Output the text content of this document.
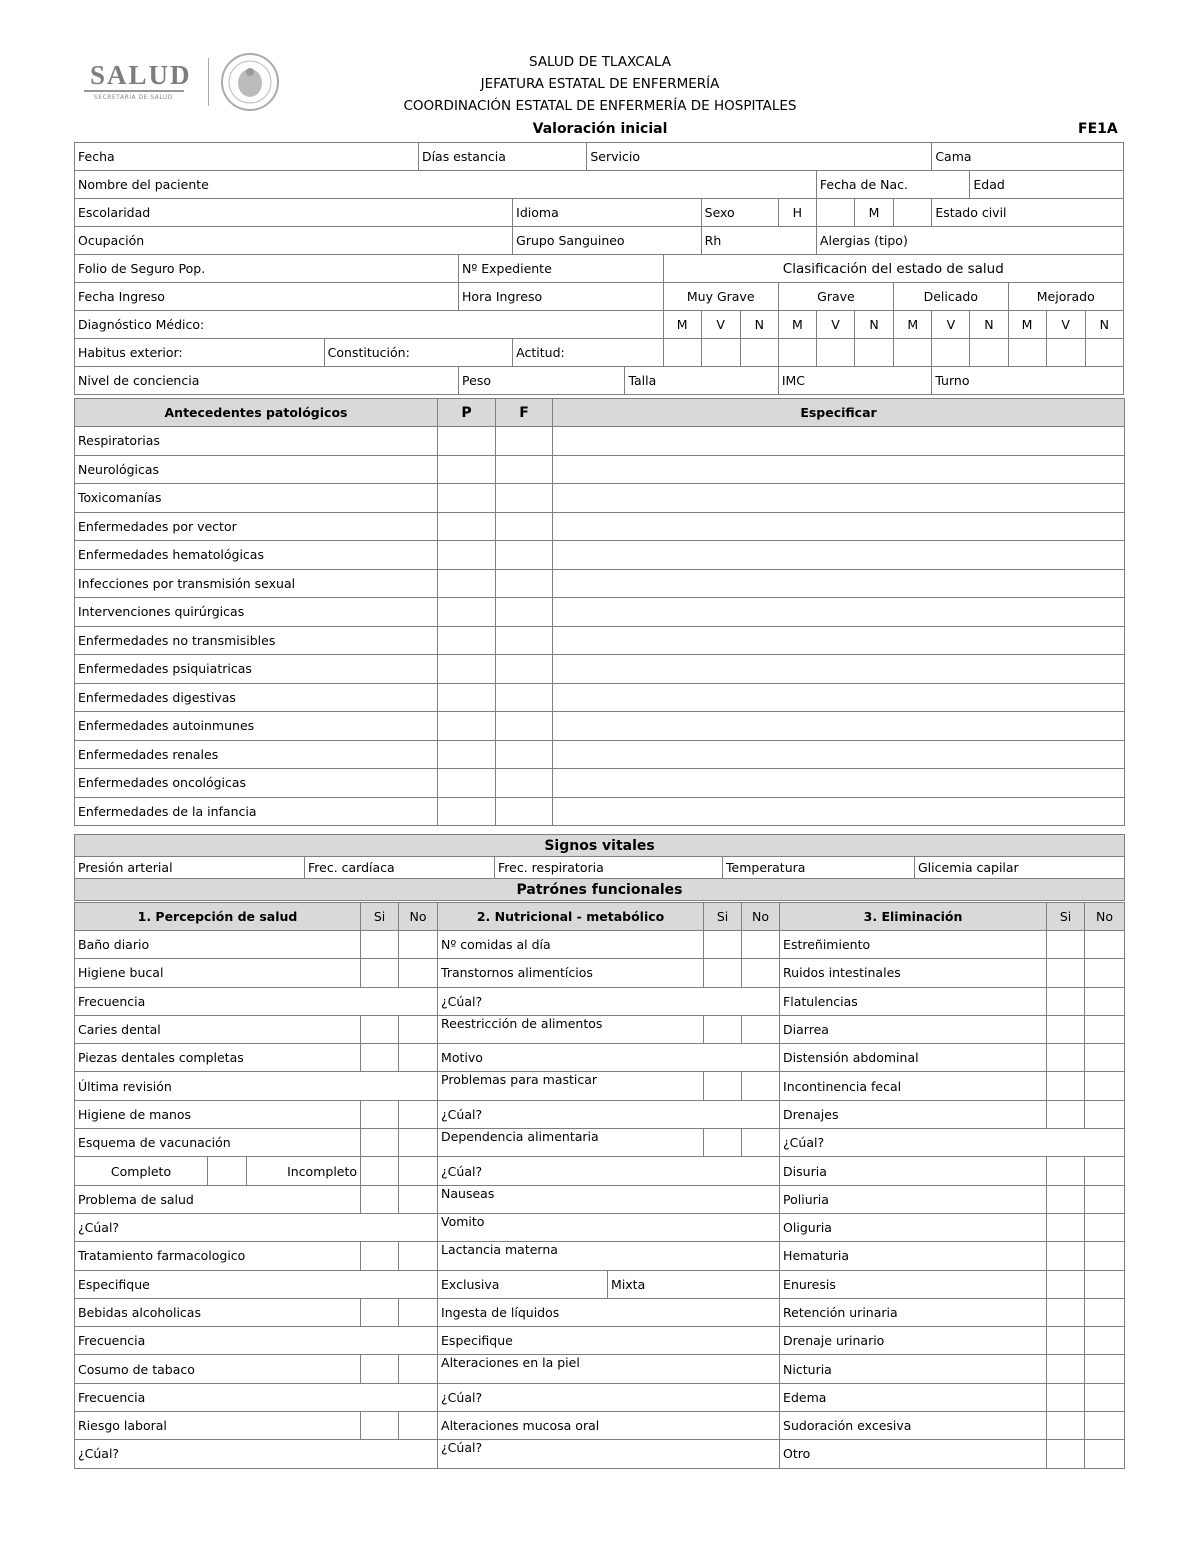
SALUD
SECRETARÍA DE SALUD
SALUD DE TLAXCALA
JEFATURA ESTATAL DE ENFERMERÍA
COORDINACIÓN ESTATAL DE ENFERMERÍA DE HOSPITALES
Valoración inicial	FE1A
Fecha		Días estancia			Servicio									Cama				
Nombre del paciente											Fecha de Nac.				Edad			
Escolaridad				Idioma				Sexo		H		M		Estado civil				
Ocupación				Grupo Sanguineo				Rh			Alergias (tipo)							
Folio de Seguro Pop.			Nº Expediente				Clasificación del estado de salud											
Fecha Ingreso			Hora Ingreso				Muy Grave			Grave			Delicado			Mejorado		
Diagnóstico Médico:							M	V	N	M	V	N	M	V	N	M	V	N
Habitus exterior:	Constitución:			Actitud:														
Nivel de conciencia			Peso			Talla				IMC				Turno				
Antecedentes patológicos	P	F	Especificar
Respiratorias			
Neurológicas			
Toxicomanías			
Enfermedades por vector			
Enfermedades hematológicas			
Infecciones por transmisión sexual			
Intervenciones quirúrgicas			
Enfermedades no transmisibles			
Enfermedades psiquiatricas			
Enfermedades digestivas			
Enfermedades autoinmunes			
Enfermedades renales			
Enfermedades oncológicas			
Enfermedades de la infancia			
Signos vitales
Presión arterial	Frec. cardíaca	Frec. respiratoria	Temperatura	Glicemia capilar
Patrónes funcionales
1. Percepción de salud			Si	No	2. Nutricional - metabólico		Si	No	3. Eliminación	Si	No
Baño diario					Nº comidas al día				Estreñimiento		
Higiene bucal					Transtornos alimentícios				Ruidos intestinales		
Frecuencia					¿Cúal?				Flatulencias		
Caries dental					Reestricción de alimentos				Diarrea		
Piezas dentales completas					Motivo				Distensión abdominal		
Última revisión					Problemas para masticar				Incontinencia fecal		
Higiene de manos					¿Cúal?				Drenajes		
Esquema de vacunación					Dependencia alimentaria				¿Cúal?		
Completo		Incompleto			¿Cúal?				Disuria		
Problema de salud					Nauseas				Poliuria		
¿Cúal?					Vomito				Oliguria		
Tratamiento farmacologico					Lactancia materna				Hematuria		
Especifique					Exclusiva	Mixta			Enuresis		
Bebidas alcoholicas					Ingesta de líquidos				Retención urinaria		
Frecuencia					Especifique				Drenaje urinario		
Cosumo de tabaco					Alteraciones en la piel				Nicturia		
Frecuencia					¿Cúal?				Edema		
Riesgo laboral					Alteraciones mucosa oral				Sudoración excesiva		
¿Cúal?					¿Cúal?				Otro		
